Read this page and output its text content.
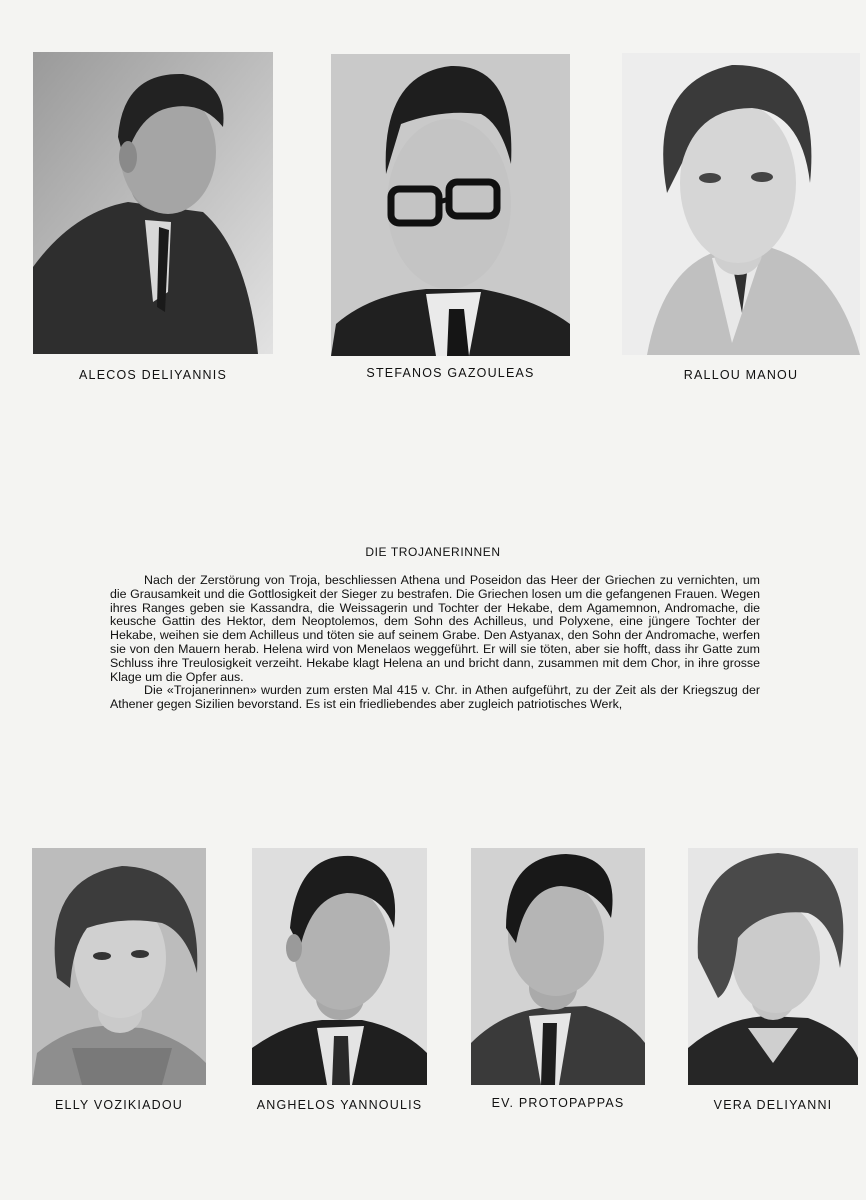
ALECOS DELIYANNIS	STEFANOS GAZOULEAS	RALLOU MANOU
DIE TROJANERINNEN

Nach der Zerstörung von Troja, beschliessen Athena und Poseidon das Heer der Griechen zu vernichten, um die Grausamkeit und die Gottlosigkeit der Sieger zu bestrafen. Die Griechen losen um die gefangenen Frauen. Wegen ihres Ranges geben sie Kassandra, die Weissagerin und Tochter der Hekabe, dem Agamemnon, Andromache, die keusche Gattin des Hektor, dem Neoptolemos, dem Sohn des Achilleus, und Polyxene, eine jüngere Tochter der Hekabe, weihen sie dem Achilleus und töten sie auf seinem Grabe. Den Astyanax, den Sohn der Andromache, werfen sie von den Mauern herab. Helena wird von Menelaos weggeführt. Er will sie töten, aber sie hofft, dass ihr Gatte zum Schluss ihre Treulosigkeit verzeiht. Hekabe klagt Helena an und bricht dann, zusammen mit dem Chor, in ihre grosse Klage um die Opfer aus.

Die «Trojanerinnen» wurden zum ersten Mal 415 v. Chr. in Athen aufgeführt, zu der Zeit als der Kriegszug der Athener gegen Sizilien bevorstand. Es ist ein friedliebendes aber zugleich patriotisches Werk,

ELLY VOZIKIADOU	ANGHELOS YANNOULIS	EV. PROTOPAPPAS	VERA DELIYANNI
